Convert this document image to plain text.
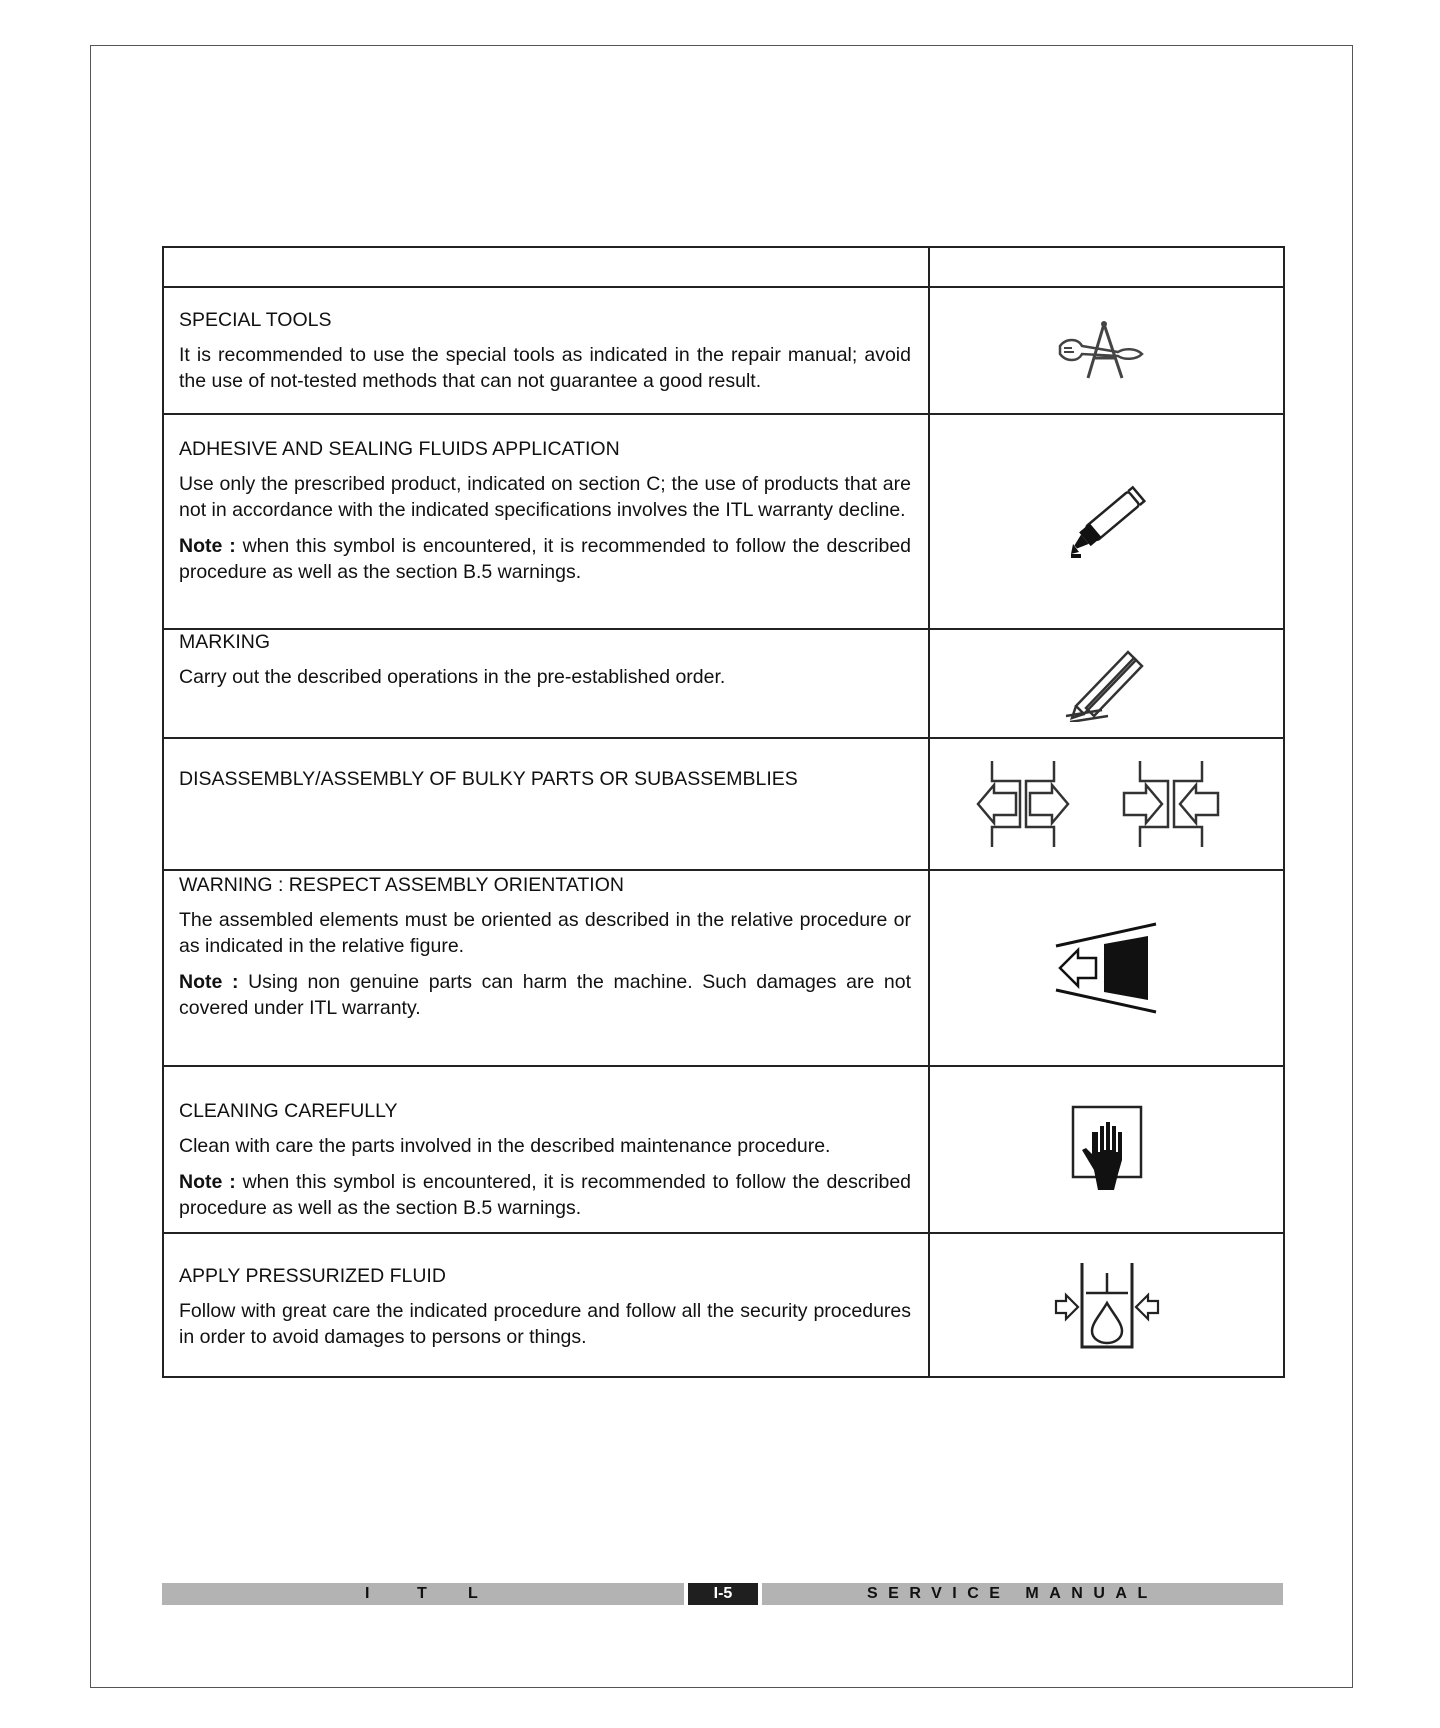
SPECIAL TOOLS

It is recommended to use the special tools as indicated in the repair manual; avoid the use of not-tested methods that can not guarantee a good result.

ADHESIVE AND SEALING FLUIDS APPLICATION

Use only the prescribed product, indicated on section C; the use of products that are not in accordance with the indicated specifications involves the ITL warranty decline.

Note : when this symbol is encountered, it is recommended to follow the described procedure as well as the section B.5 warnings.

MARKING

Carry out the described operations in the pre-established order.

DISASSEMBLY/ASSEMBLY OF BULKY PARTS OR SUBASSEMBLIES

WARNING : RESPECT ASSEMBLY ORIENTATION

The assembled elements must be oriented as described in the relative procedure or as indicated in the relative figure.

Note : Using non genuine parts can harm the machine. Such damages are not covered under ITL warranty.

CLEANING CAREFULLY

Clean with care the parts involved in the described maintenance procedure.

Note : when this symbol is encountered, it is recommended to follow the described procedure as well as the section B.5 warnings.

APPLY PRESSURIZED FLUID

Follow with great care the indicated procedure and follow all the security procedures in order to avoid damages to persons or things.

I	T	L	I-5	SERVICE MANUAL
